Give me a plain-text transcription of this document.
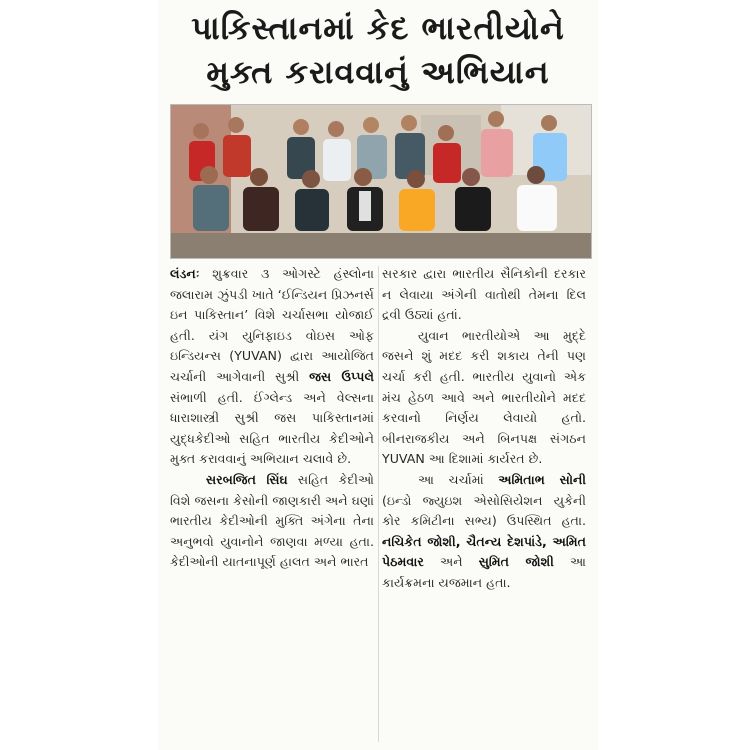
પાકિસ્તાનમાં કેદ ભારતીયોને
મુક્ત કરાવવાનું અભિયાન

લંડનઃ શુક્રવાર ૩ ઓગસ્ટે હંસ્લોના જલારામ ઝુંપડી ખાતે ‘ઈન્ડિયન પ્રિઝનર્સ ઇન પાકિસ્તાન’ વિશે ચર્ચાસભા યોજાઈ હતી. યંગ યુનિફાઇડ વોઇસ ઓફ ઇન્ડિયન્સ (YUVAN) દ્વારા આયોજિત ચર્ચાની આગેવાની સુશ્રી જસ ઉપ્પલે સંભાળી હતી. ઈંગ્લેન્ડ અને વેલ્સના ધારાશાસ્ત્રી સુશ્રી જસ પાકિસ્તાનમાં યુદ્ધકેદીઓ સહિત ભારતીય કેદીઓને મુક્ત કરાવવાનું અભિયાન ચલાવે છે.

સરબજિત સિંઘ સહિત કેદીઓ વિશે જસના કેસોની જાણકારી અને ઘણાં ભારતીય કેદીઓની મુક્તિ અંગેના તેના અનુભવો યુવાનોને જાણવા મળ્યા હતા. કેદીઓની યાતનાપૂર્ણ હાલત અને ભારત

સરકાર દ્વારા ભારતીય સૈનિકોની દરકાર ન લેવાયા અંગેની વાતોથી તેમના દિલ દ્રવી ઉઠ્યાં હતાં.

યુવાન ભારતીયોએ આ મુદ્દે જસને શું મદદ કરી શકાય તેની પણ ચર્ચા કરી હતી. ભારતીય યુવાનો એક મંચ હેઠળ આવે અને ભારતીયોને મદદ કરવાનો નિર્ણય લેવાયો હતો. બીનરાજકીય અને બિનપક્ષ સંગઠન YUVAN આ દિશામાં કાર્યરત છે.

આ ચર્ચામાં અમિતાભ સોની (ઇન્ડો જ્યુઇશ એસોસિયેશન યુકેની કોર કમિટીના સભ્ય) ઉપસ્થિત હતા. નચિકેત જોશી, ચૈતન્ય દેશપાંડે, અમિત પેઠમવાર અને સુમિત જોશી આ કાર્યક્રમના યજમાન હતા.
